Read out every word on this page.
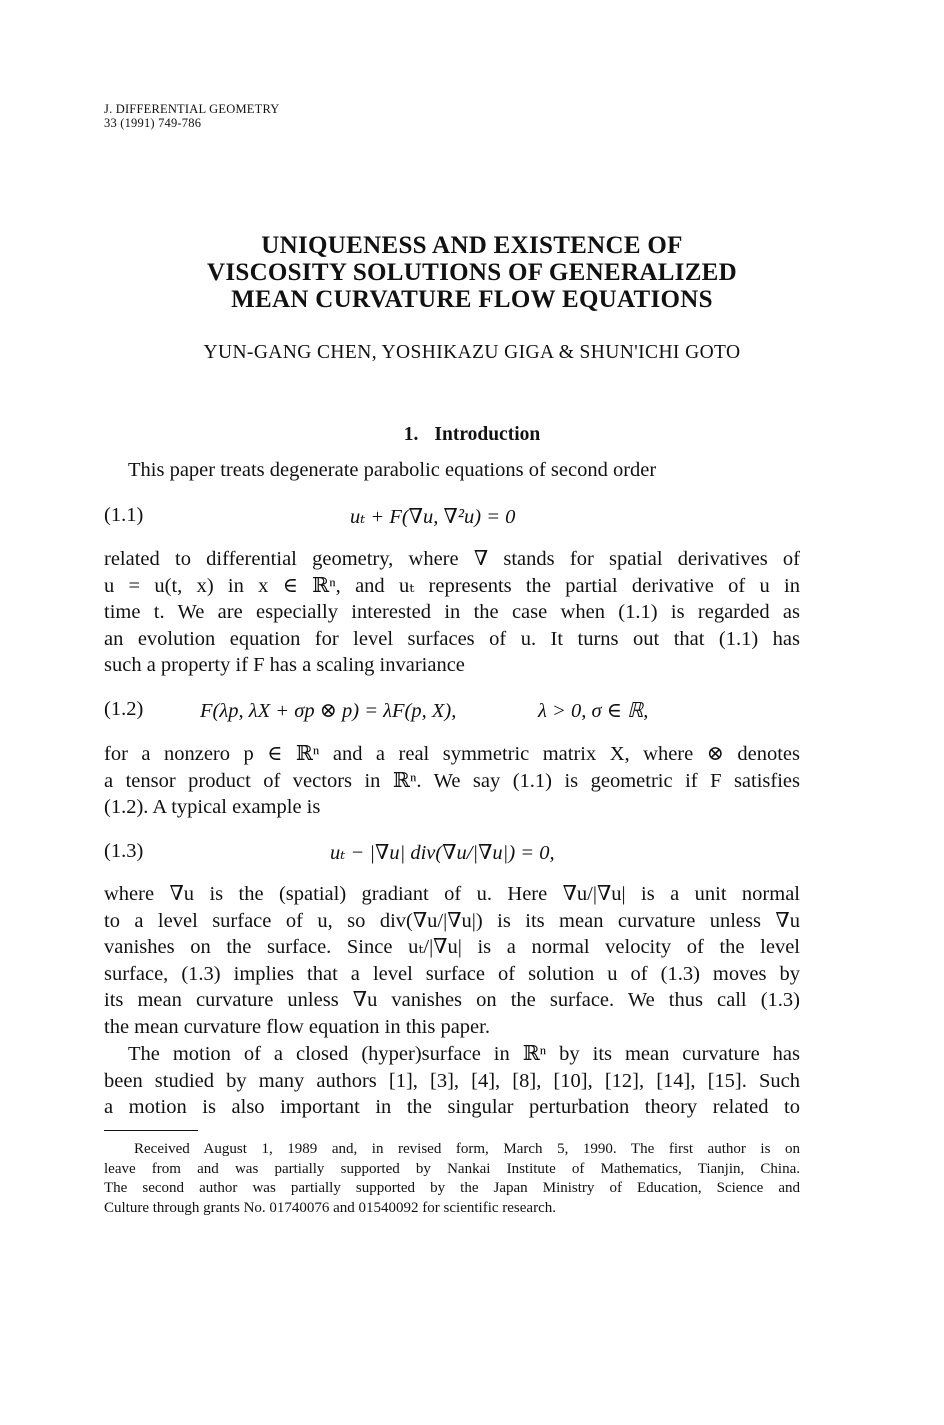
J. DIFFERENTIAL GEOMETRY
33 (1991) 749-786
UNIQUENESS AND EXISTENCE OF
VISCOSITY SOLUTIONS OF GENERALIZED
MEAN CURVATURE FLOW EQUATIONS
YUN-GANG CHEN, YOSHIKAZU GIGA & SHUN'ICHI GOTO
1. Introduction
This paper treats degenerate parabolic equations of second order
(1.1)	uₜ + F(∇u, ∇²u) = 0
related to differential geometry, where ∇ stands for spatial derivatives of
u = u(t, x) in x ∈ ℝⁿ, and uₜ represents the partial derivative of u in
time t. We are especially interested in the case when (1.1) is regarded as
an evolution equation for level surfaces of u. It turns out that (1.1) has
such a property if F has a scaling invariance
(1.2)	F(λp, λX + σp ⊗ p) = λF(p, X),	λ > 0, σ ∈ ℝ,
for a nonzero p ∈ ℝⁿ and a real symmetric matrix X, where ⊗ denotes
a tensor product of vectors in ℝⁿ. We say (1.1) is geometric if F satisfies
(1.2). A typical example is
(1.3)	uₜ − |∇u| div(∇u/|∇u|) = 0,
where ∇u is the (spatial) gradiant of u. Here ∇u/|∇u| is a unit normal
to a level surface of u, so div(∇u/|∇u|) is its mean curvature unless ∇u
vanishes on the surface. Since uₜ/|∇u| is a normal velocity of the level
surface, (1.3) implies that a level surface of solution u of (1.3) moves by
its mean curvature unless ∇u vanishes on the surface. We thus call (1.3)
the mean curvature flow equation in this paper.
The motion of a closed (hyper)surface in ℝⁿ by its mean curvature has
been studied by many authors [1], [3], [4], [8], [10], [12], [14], [15]. Such
a motion is also important in the singular perturbation theory related to
Received August 1, 1989 and, in revised form, March 5, 1990. The first author is on
leave from and was partially supported by Nankai Institute of Mathematics, Tianjin, China.
The second author was partially supported by the Japan Ministry of Education, Science and
Culture through grants No. 01740076 and 01540092 for scientific research.
